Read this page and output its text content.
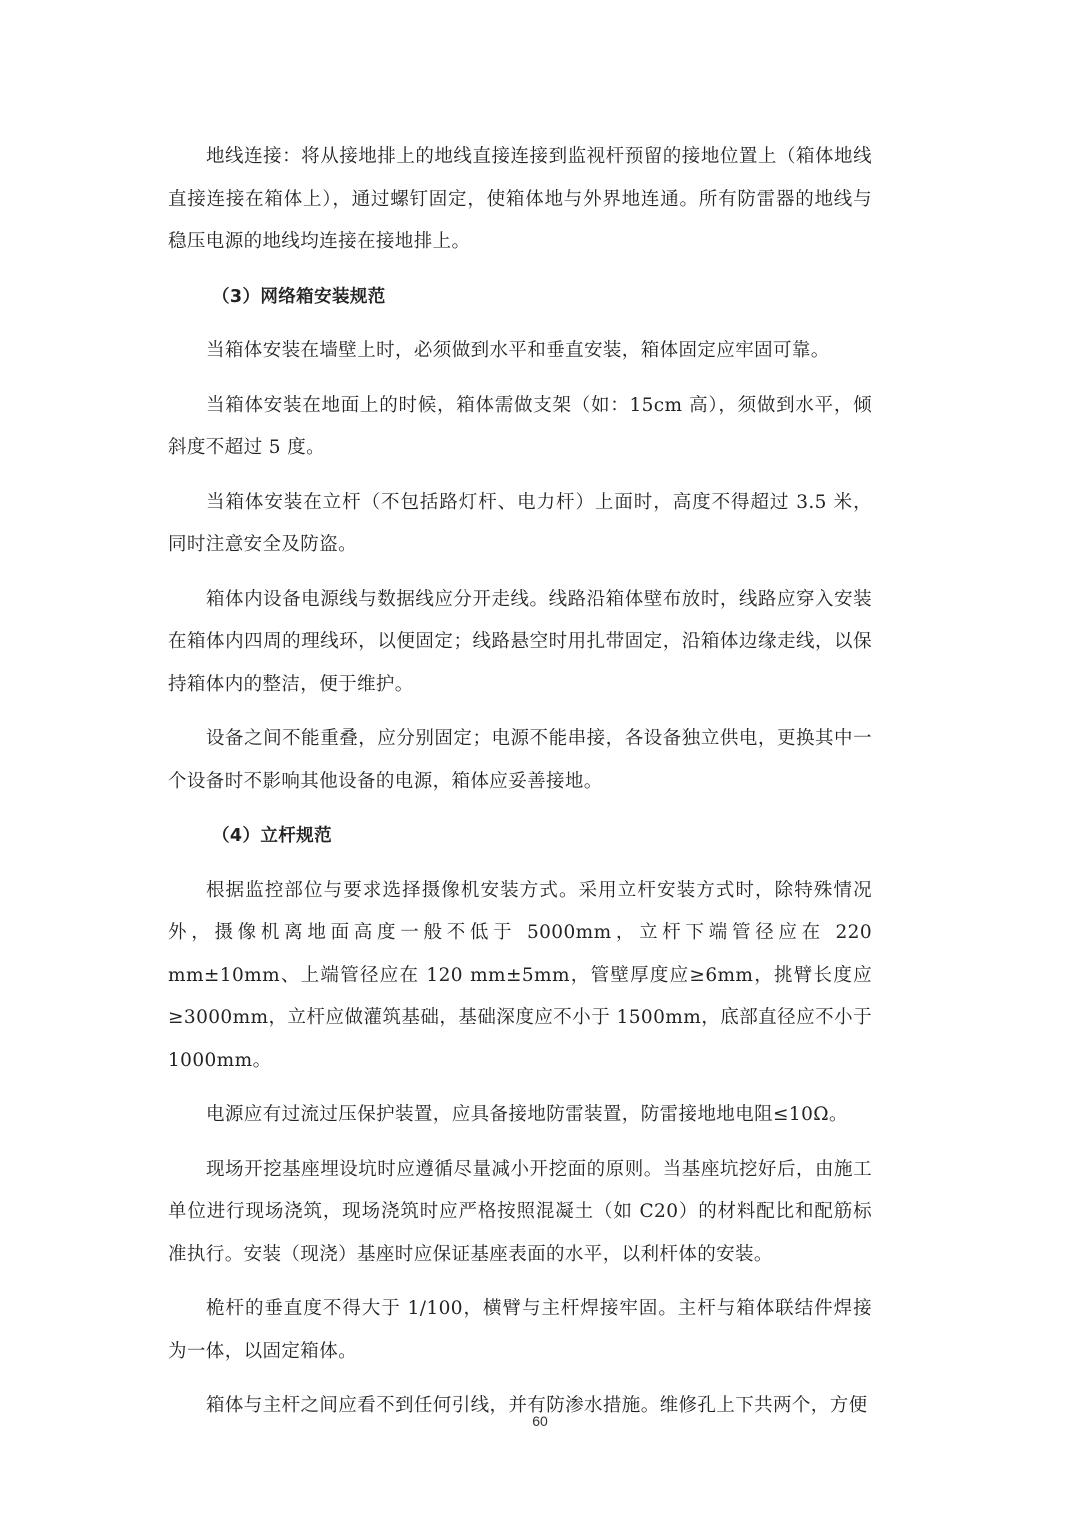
地线连接：将从接地排上的地线直接连接到监视杆预留的接地位置上（箱体地线直接连接在箱体上），通过螺钉固定，使箱体地与外界地连通。所有防雷器的地线与稳压电源的地线均连接在接地排上。

（3）网络箱安装规范

当箱体安装在墙壁上时，必须做到水平和垂直安装，箱体固定应牢固可靠。

当箱体安装在地面上的时候，箱体需做支架（如：15cm 高），须做到水平，倾斜度不超过 5 度。

当箱体安装在立杆（不包括路灯杆、电力杆）上面时，高度不得超过 3.5 米，同时注意安全及防盗。

箱体内设备电源线与数据线应分开走线。线路沿箱体壁布放时，线路应穿入安装在箱体内四周的理线环，以便固定；线路悬空时用扎带固定，沿箱体边缘走线，以保持箱体内的整洁，便于维护。

设备之间不能重叠，应分别固定；电源不能串接，各设备独立供电，更换其中一个设备时不影响其他设备的电源，箱体应妥善接地。

（4）立杆规范

根据监控部位与要求选择摄像机安装方式。采用立杆安装方式时，除特殊情况外，摄像机离地面高度一般不低于 5000mm，立杆下端管径应在 220 mm±10mm、上端管径应在 120 mm±5mm，管壁厚度应≥6mm，挑臂长度应≥3000mm，立杆应做灌筑基础，基础深度应不小于 1500mm，底部直径应不小于 1000mm。

电源应有过流过压保护装置，应具备接地防雷装置，防雷接地地电阻≤10Ω。

现场开挖基座埋设坑时应遵循尽量减小开挖面的原则。当基座坑挖好后，由施工单位进行现场浇筑，现场浇筑时应严格按照混凝土（如 C20）的材料配比和配筋标准执行。安装（现浇）基座时应保证基座表面的水平，以利杆体的安装。

桅杆的垂直度不得大于 1/100，横臂与主杆焊接牢固。主杆与箱体联结件焊接为一体，以固定箱体。

箱体与主杆之间应看不到任何引线，并有防渗水措施。维修孔上下共两个，方便

60
